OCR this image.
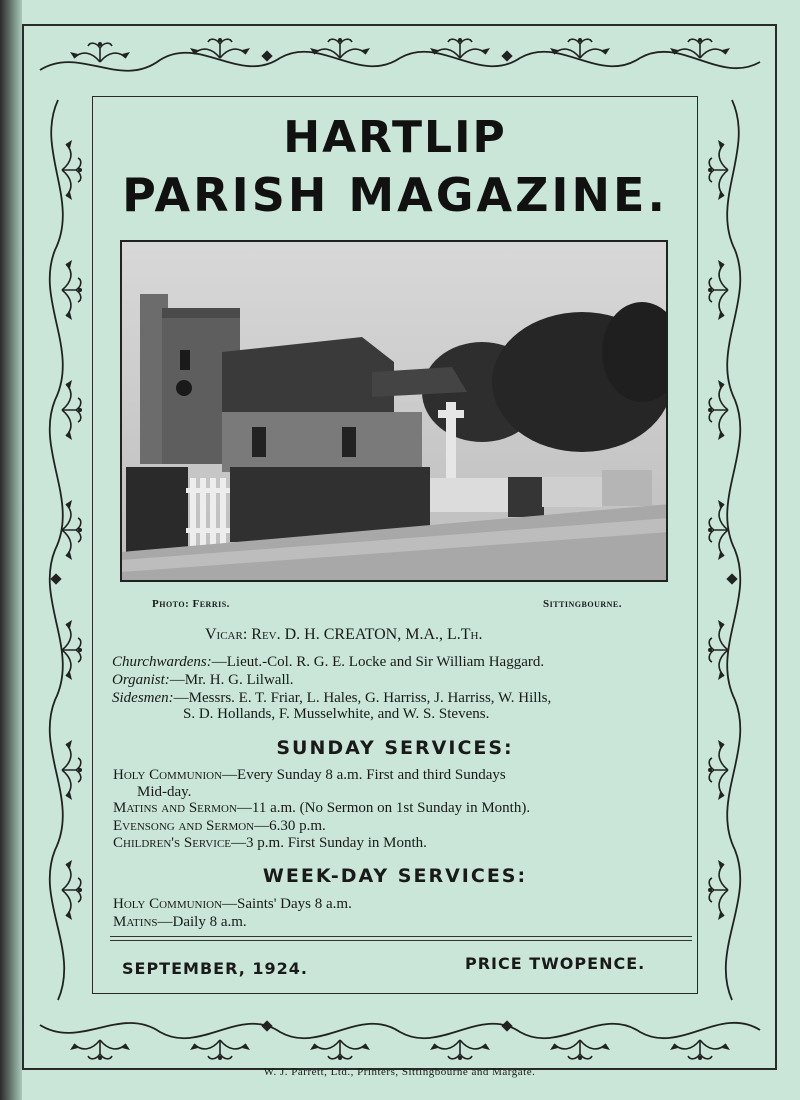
HARTLIP
PARISH MAGAZINE.
Photo: Ferris.	Sittingbourne.
Vicar: Rev. D. H. CREATON, M.A., L.Th.
Churchwardens:—Lieut.-Col. R. G. E. Locke and Sir William Haggard.
Organist:—Mr. H. G. Lilwall.
Sidesmen:—Messrs. E. T. Friar, L. Hales, G. Harriss, J. Harriss, W. Hills,
S. D. Hollands, F. Musselwhite, and W. S. Stevens.
SUNDAY SERVICES:
Holy Communion—Every Sunday 8 a.m. First and third Sundays
Mid-day.
Matins and Sermon—11 a.m. (No Sermon on 1st Sunday in Month).
Evensong and Sermon—6.30 p.m.
Children's Service—3 p.m. First Sunday in Month.
WEEK-DAY SERVICES:
Holy Communion—Saints' Days 8 a.m.
Matins—Daily 8 a.m.
SEPTEMBER, 1924.	PRICE TWOPENCE.
W. J. Parrett, Ltd., Printers, Sittingbourne and Margate.
